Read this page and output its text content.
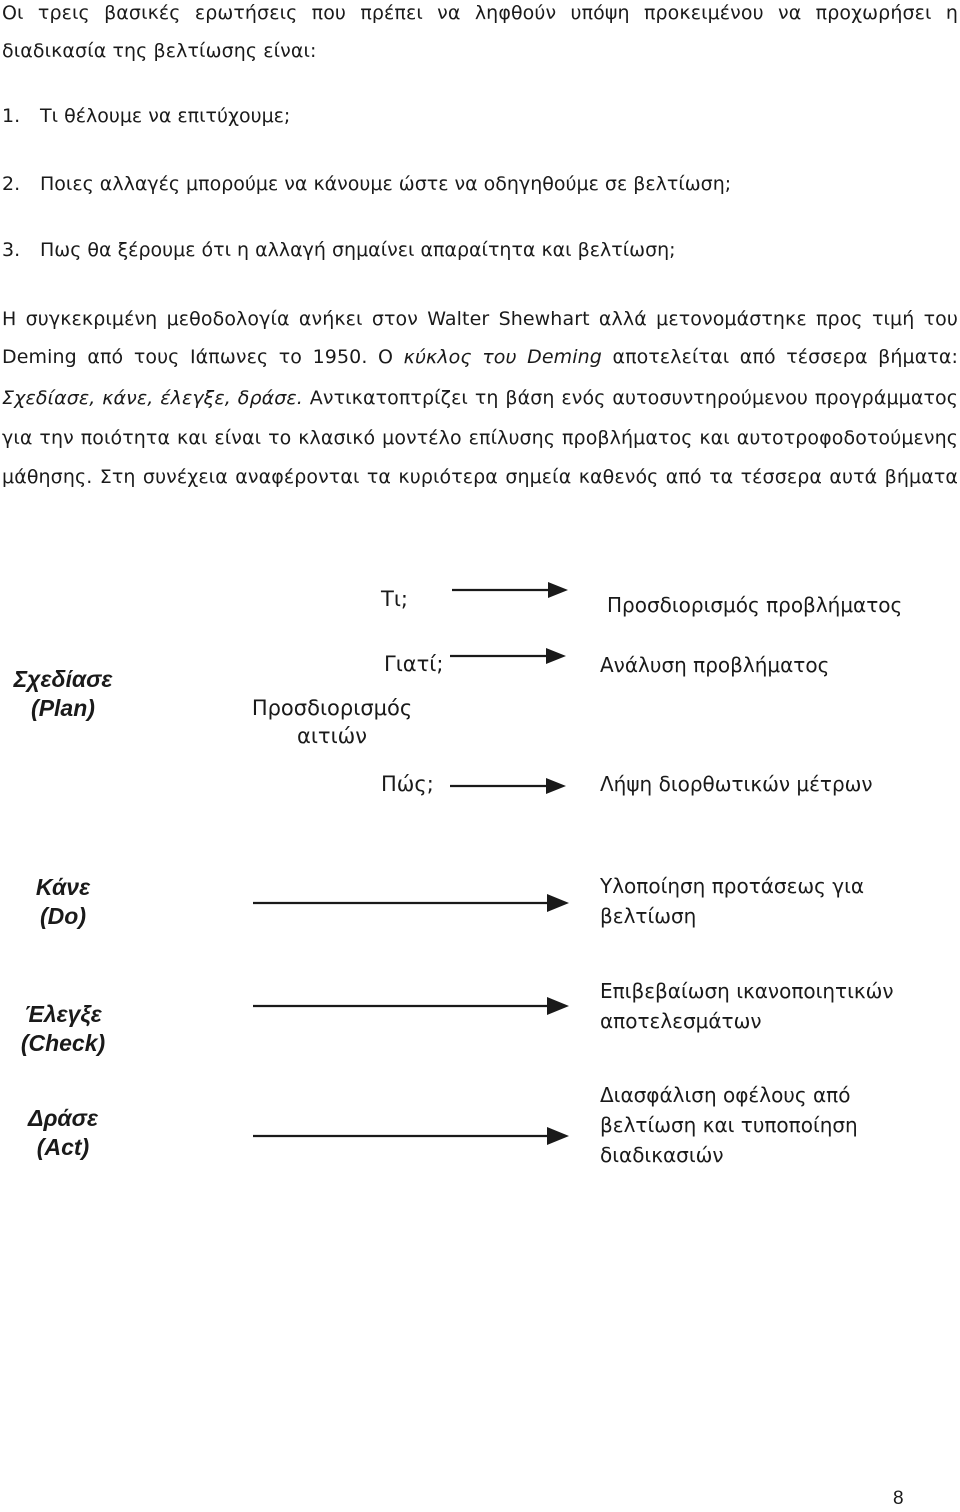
Οι τρεις βασικές ερωτήσεις που πρέπει να ληφθούν υπόψη προκειμένου να προχωρήσει η
διαδικασία της βελτίωσης είναι:
1. Τι θέλουμε να επιτύχουμε;
2. Ποιες αλλαγές μπορούμε να κάνουμε ώστε να οδηγηθούμε σε βελτίωση;
3. Πως θα ξέρουμε ότι η αλλαγή σημαίνει απαραίτητα και βελτίωση;
Η συγκεκριμένη μεθοδολογία ανήκει στον Walter Shewhart αλλά μετονομάστηκε προς τιμή του
Deming από τους Ιάπωνες το 1950. Ο κύκλος του Deming αποτελείται από τέσσερα βήματα:
Σχεδίασε, κάνε, έλεγξε, δράσε. Αντικατοπτρίζει τη βάση ενός αυτοσυντηρούμενου προγράμματος
για την ποιότητα και είναι το κλασικό μοντέλο επίλυσης προβλήματος και αυτοτροφοδοτούμενης
μάθησης. Στη συνέχεια αναφέρονται τα κυριότερα σημεία καθενός από τα τέσσερα αυτά βήματα
Σχεδίασε
(Plan)
Κάνε
(Do)
Έλεγξε
(Check)
Δράσε
(Act)
Προσδιορισμός
αιτιών
Τι;
Γιατί;
Πώς;
Προσδιορισμός προβλήματος
Ανάλυση προβλήματος
Λήψη διορθωτικών μέτρων
Υλοποίηση προτάσεως για
βελτίωση
Επιβεβαίωση ικανοποιητικών
αποτελεσμάτων
Διασφάλιση οφέλους από
βελτίωση και τυποποίηση
διαδικασιών
8
